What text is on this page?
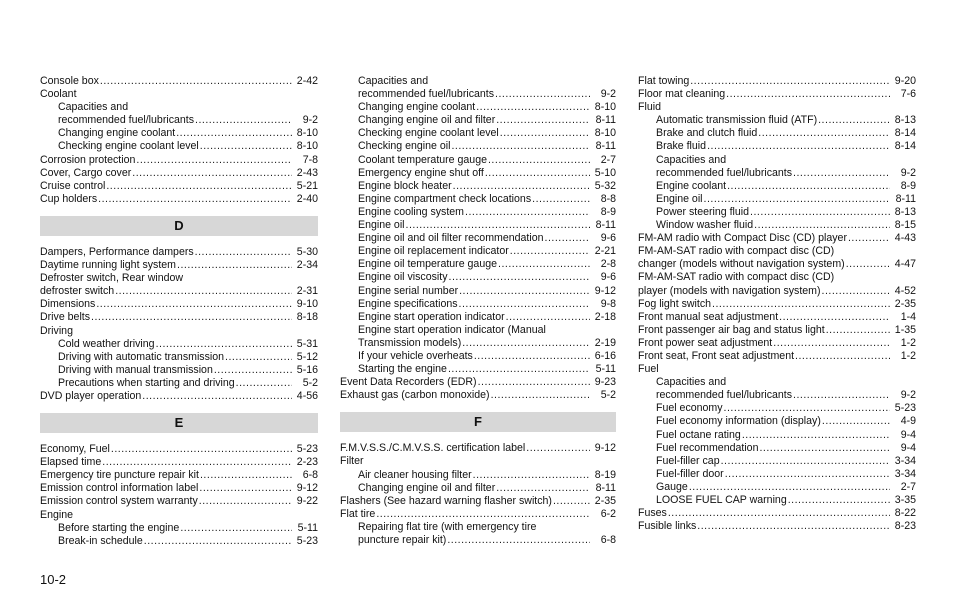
Console box .....	2-42
Coolant
Capacities and
recommended fuel/lubricants .....	9-2
Changing engine coolant .....	8-10
Checking engine coolant level .....	8-10
Corrosion protection .....	7-8
Cover, Cargo cover .....	2-43
Cruise control .....	5-21
Cup holders .....	2-40
D
Dampers, Performance dampers .....	5-30
Daytime running light system .....	2-34
Defroster switch, Rear window
defroster switch .....	2-31
Dimensions .....	9-10
Drive belts .....	8-18
Driving
Cold weather driving .....	5-31
Driving with automatic transmission .....	5-12
Driving with manual transmission .....	5-16
Precautions when starting and driving .....	5-2
DVD player operation .....	4-56
E
Economy, Fuel .....	5-23
Elapsed time .....	2-23
Emergency tire puncture repair kit .....	6-8
Emission control information label .....	9-12
Emission control system warranty .....	9-22
Engine
Before starting the engine .....	5-11
Break-in schedule .....	5-23
Capacities and
recommended fuel/lubricants .....	9-2
Changing engine coolant .....	8-10
Changing engine oil and filter .....	8-11
Checking engine coolant level .....	8-10
Checking engine oil .....	8-11
Coolant temperature gauge .....	2-7
Emergency engine shut off .....	5-10
Engine block heater .....	5-32
Engine compartment check locations .....	8-8
Engine cooling system .....	8-9
Engine oil .....	8-11
Engine oil and oil filter recommendation .....	9-6
Engine oil replacement indicator .....	2-21
Engine oil temperature gauge .....	2-8
Engine oil viscosity .....	9-6
Engine serial number .....	9-12
Engine specifications .....	9-8
Engine start operation indicator .....	2-18
Engine start operation indicator (Manual
Transmission models) .....	2-19
If your vehicle overheats .....	6-16
Starting the engine .....	5-11
Event Data Recorders (EDR) .....	9-23
Exhaust gas (carbon monoxide) .....	5-2
F
F.M.V.S.S./C.M.V.S.S. certification label .....	9-12
Filter
Air cleaner housing filter .....	8-19
Changing engine oil and filter .....	8-11
Flashers (See hazard warning flasher switch) .....	2-35
Flat tire .....	6-2
Repairing flat tire (with emergency tire
puncture repair kit) .....	6-8
Flat towing .....	9-20
Floor mat cleaning .....	7-6
Fluid
Automatic transmission fluid (ATF) .....	8-13
Brake and clutch fluid .....	8-14
Brake fluid .....	8-14
Capacities and
recommended fuel/lubricants .....	9-2
Engine coolant .....	8-9
Engine oil .....	8-11
Power steering fluid .....	8-13
Window washer fluid .....	8-15
FM-AM radio with Compact Disc (CD) player .....	4-43
FM-AM-SAT radio with compact disc (CD)
changer (models without navigation system) .....	4-47
FM-AM-SAT radio with compact disc (CD)
player (models with navigation system) .....	4-52
Fog light switch .....	2-35
Front manual seat adjustment .....	1-4
Front passenger air bag and status light .....	1-35
Front power seat adjustment .....	1-2
Front seat, Front seat adjustment .....	1-2
Fuel
Capacities and
recommended fuel/lubricants .....	9-2
Fuel economy .....	5-23
Fuel economy information (display) .....	4-9
Fuel octane rating .....	9-4
Fuel recommendation .....	9-4
Fuel-filler cap .....	3-34
Fuel-filler door .....	3-34
Gauge .....	2-7
LOOSE FUEL CAP warning .....	3-35
Fuses .....	8-22
Fusible links .....	8-23
10-2
